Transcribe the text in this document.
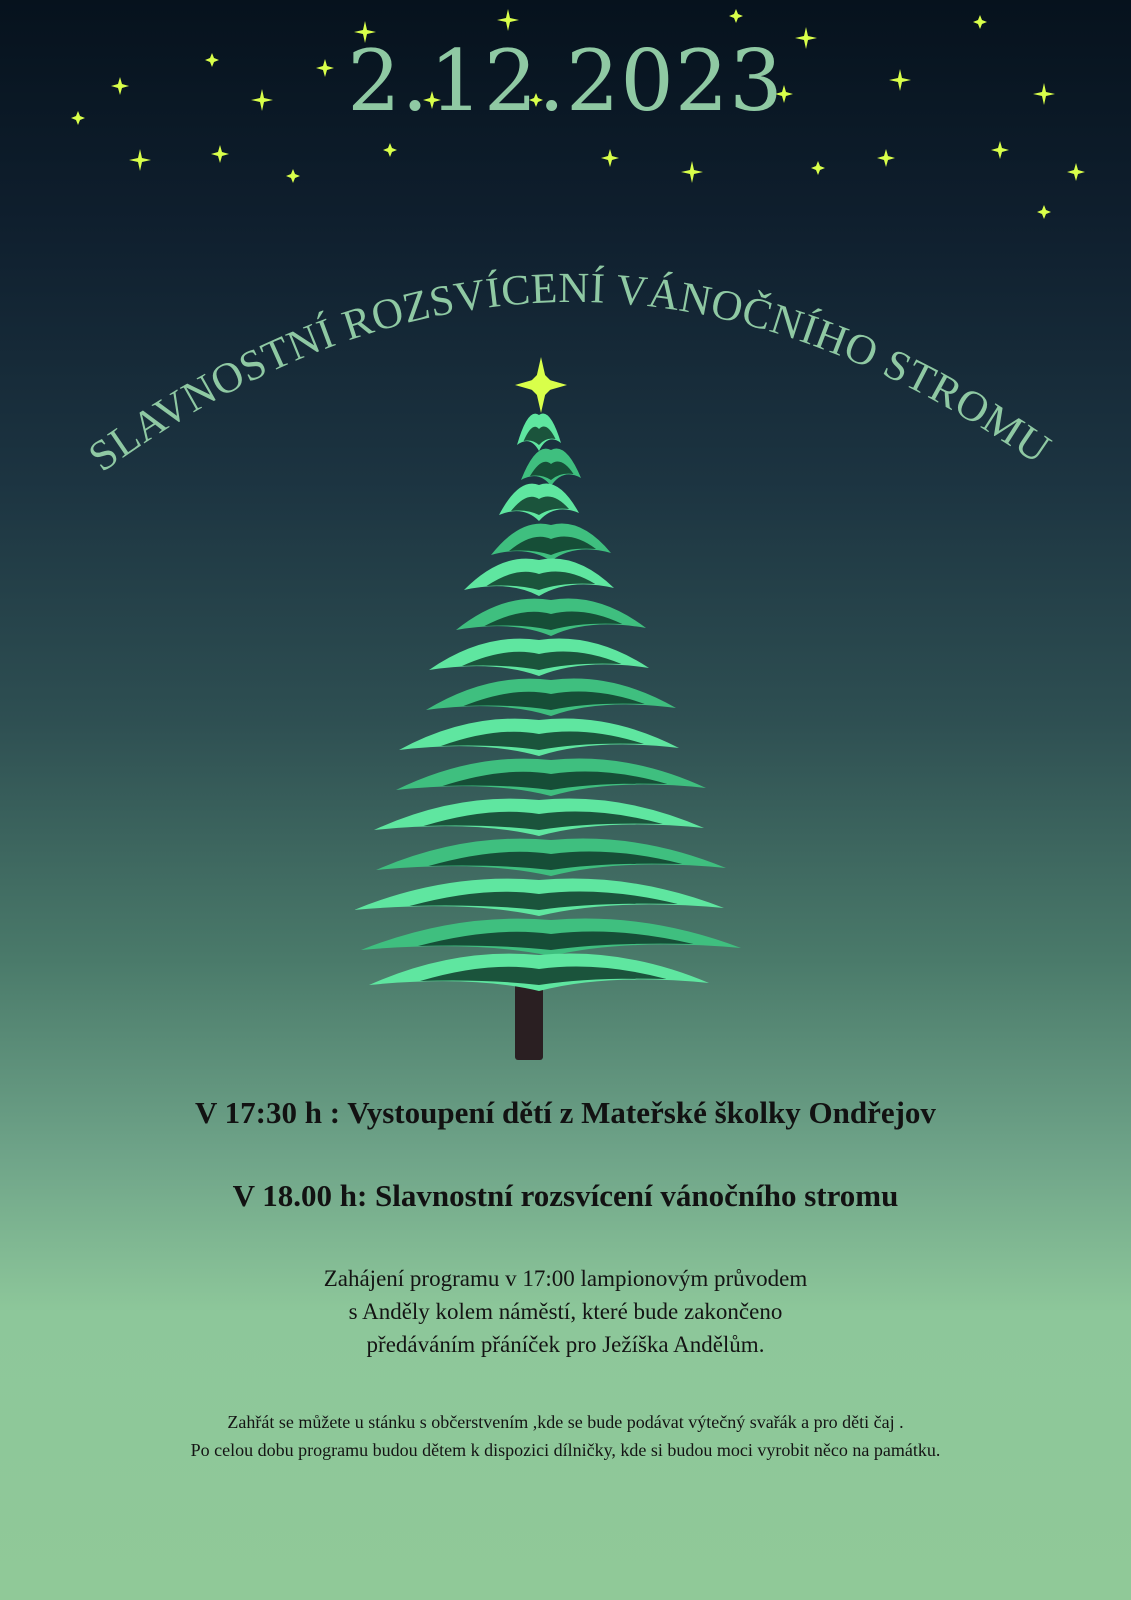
2.12.2023
SLAVNOSTNÍ ROZSVÍCENÍ VÁNOČNÍHO STROMU
V 17:30 h : Vystoupení dětí z Mateřské školky Ondřejov
V 18.00 h: Slavnostní rozsvícení vánočního stromu
Zahájení programu v 17:00 lampionovým průvodem
s Anděly kolem náměstí, které bude zakončeno
předáváním přáníček pro Ježíška Andělům.
Zahřát se můžete u stánku s občerstvením ,kde se bude podávat výtečný svařák a pro děti čaj .
Po celou dobu programu budou dětem k dispozici dílničky, kde si budou moci vyrobit něco na památku.
